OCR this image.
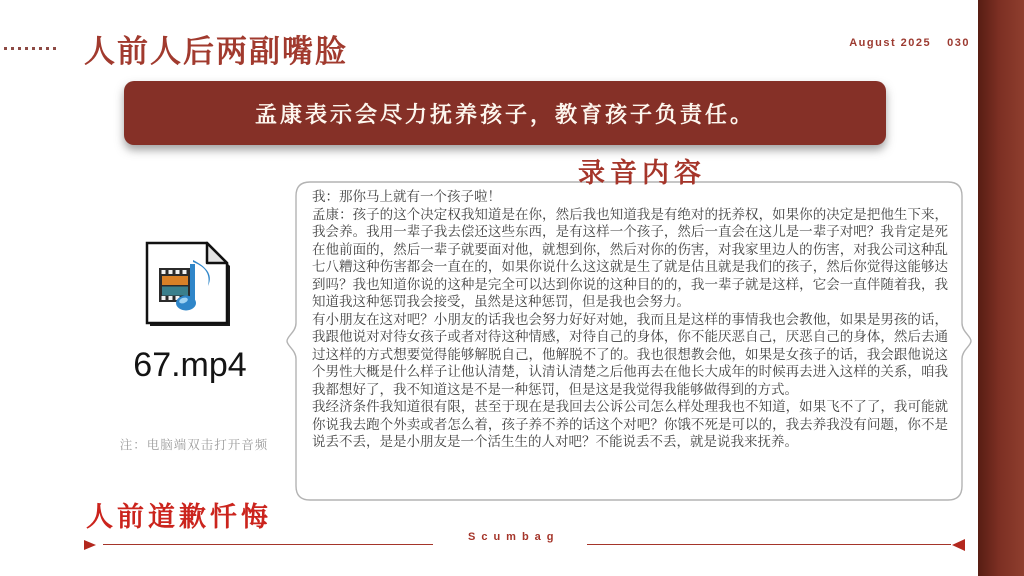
人前人后两副嘴脸	August 2025 030
孟康表示会尽力抚养孩子，教育孩子负责任。
录音内容

我：那你马上就有一个孩子啦！

孟康：孩子的这个决定权我知道是在你，然后我也知道我是有绝对的抚养权，如果你的决定是把他生下来，我会养。我用一辈子我去偿还这些东西，是有这样一个孩子，然后一直会在这儿是一辈子对吧？我肯定是死在他前面的，然后一辈子就要面对他，就想到你，然后对你的伤害，对我家里边人的伤害，对我公司这种乱七八糟这种伤害都会一直在的，如果你说什么这这就是生了就是估且就是我们的孩子，然后你觉得这能够达到吗？我也知道你说的这种是完全可以达到你说的这种目的的，我一辈子就是这样，它会一直伴随着我，我知道我这种惩罚我会接受，虽然是这种惩罚，但是我也会努力。

有小朋友在这对吧？小朋友的话我也会努力好好对她，我而且是这样的事情我也会教他，如果是男孩的话，我跟他说对对待女孩子或者对待这种情感，对待自己的身体，你不能厌恶自己，厌恶自己的身体，然后去通过这样的方式想要觉得能够解脱自己，他解脱不了的。我也很想教会他，如果是女孩子的话，我会跟他说这个男性大概是什么样子让他认清楚，认清认清楚之后他再去在他长大成年的时候再去进入这样的关系，咱我我都想好了，我不知道这是不是一种惩罚，但是这是我觉得我能够做得到的方式。

我经济条件我知道很有限，甚至于现在是我回去公诉公司怎么样处理我也不知道，如果飞不了了，我可能就你说我去跑个外卖或者怎么着，孩子养不养的话这个对吧？你饿不死是可以的，我去养我没有问题，你不是说丢不丢，是是小朋友是一个活生生的人对吧？不能说丢不丢，就是说我来抚养。

67.mp4
注：电脑端双击打开音频
人前道歉忏悔
Scumbag
